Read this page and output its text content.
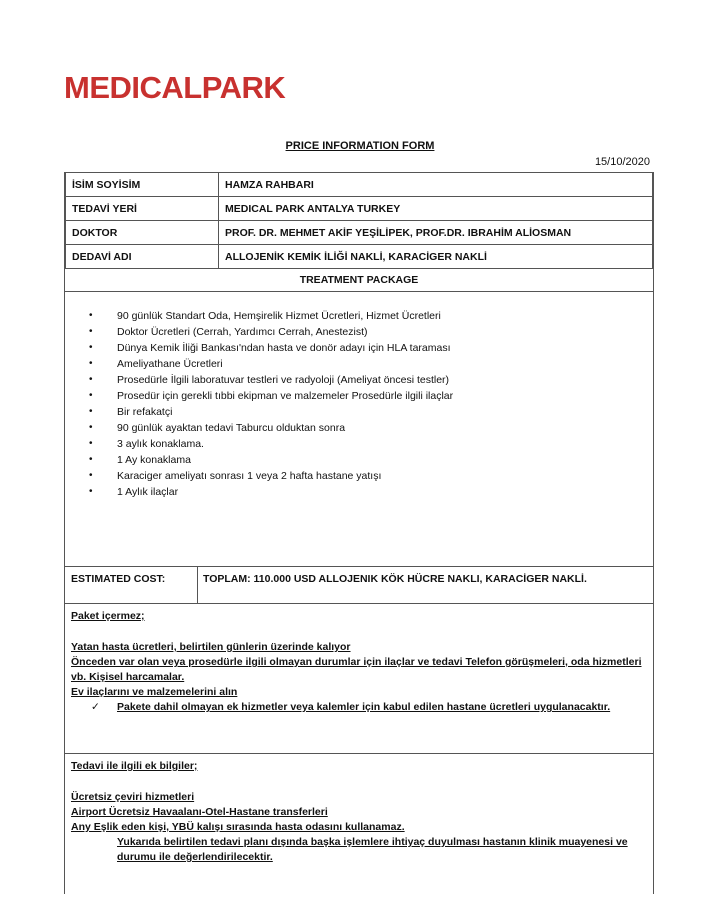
MEDICALPARK
PRICE INFORMATION FORM
15/10/2020
İSİM SOYİSİM	HAMZA RAHBARI
TEDAVİ YERİ	MEDICAL PARK ANTALYA TURKEY
DOKTOR	PROF. DR. MEHMET AKİF YEŞİLİPEK, PROF.DR. IBRAHİM ALİOSMAN
DEDAVİ ADI	ALLOJENİK KEMİK İLİĞİ NAKLİ, KARACİGER NAKLİ
TREATMENT PACKAGE
• 90 günlük Standart Oda, Hemşirelik Hizmet Ücretleri, Hizmet Ücretleri
• Doktor Ücretleri (Cerrah, Yardımcı Cerrah, Anestezist)
• Dünya Kemik İliği Bankası'ndan hasta ve donör adayı için HLA taraması
• Ameliyathane Ücretleri
• Prosedürle İlgili laboratuvar testleri ve radyoloji (Ameliyat öncesi testler)
• Prosedür için gerekli tıbbi ekipman ve malzemeler Prosedürle ilgili ilaçlar
• Bir refakatçi
• 90 günlük ayaktan tedavi Taburcu olduktan sonra
• 3 aylık konaklama.
• 1 Ay konaklama
• Karaciger ameliyatı sonrası 1 veya 2 hafta hastane yatışı
• 1 Aylık ilaçlar
ESTIMATED COST:	TOPLAM: 110.000 USD ALLOJENIK KÖK HÜCRE NAKLI, KARACİGER NAKLİ.
Paket içermez;
Yatan hasta ücretleri, belirtilen günlerin üzerinde kalıyor
Önceden var olan veya prosedürle ilgili olmayan durumlar için ilaçlar ve tedavi Telefon görüşmeleri, oda hizmetleri vb. Kişisel harcamalar.
Ev ilaçlarını ve malzemelerini alın
✓	Pakete dahil olmayan ek hizmetler veya kalemler için kabul edilen hastane ücretleri uygulanacaktır.
Tedavi ile ilgili ek bilgiler;
Ücretsiz çeviri hizmetleri
Airport Ücretsiz Havaalanı-Otel-Hastane transferleri
Any Eşlik eden kişi, YBÜ kalışı sırasında hasta odasını kullanamaz.
Yukarıda belirtilen tedavi planı dışında başka işlemlere ihtiyaç duyulması hastanın klinik muayenesi ve durumu ile değerlendirilecektir.
